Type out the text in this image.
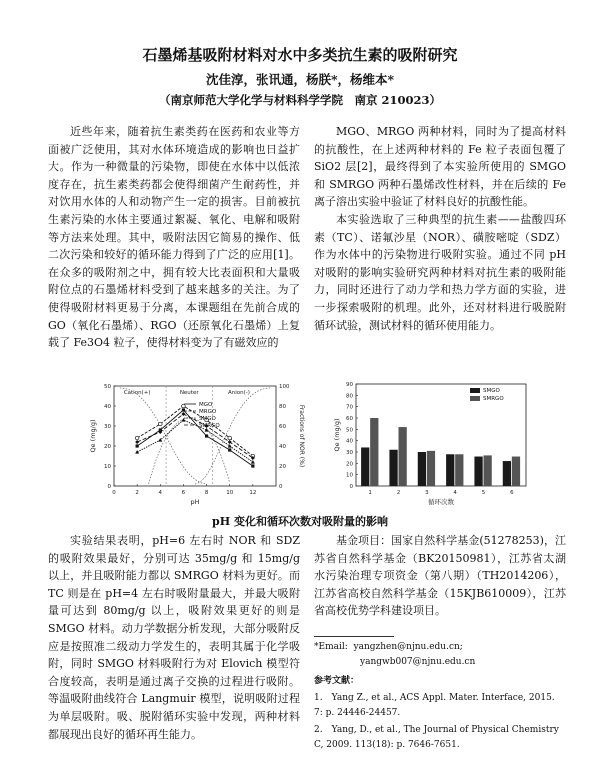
石墨烯基吸附材料对水中多类抗生素的吸附研究
沈佳淳，张讯通，杨朕*，杨维本*
（南京师范大学化学与材料科学学院　南京 210023）

近些年来，随着抗生素类药在医药和农业等方面被广泛使用，其对水体环境造成的影响也日益扩大。作为一种微量的污染物，即使在水体中以低浓度存在，抗生素类药都会使得细菌产生耐药性，并对饮用水体的人和动物产生一定的损害。目前被抗生素污染的水体主要通过絮凝、氧化、电解和吸附等方法来处理。其中，吸附法因它简易的操作、低二次污染和较好的循环能力得到了广泛的应用[1]。在众多的吸附剂之中，拥有较大比表面积和大量吸附位点的石墨烯材料受到了越来越多的关注。为了使得吸附材料更易于分离，本课题组在先前合成的 GO（氧化石墨烯）、RGO（还原氧化石墨烯）上复载了 Fe3O4 粒子，使得材料变为了有磁效应的

MGO、MRGO 两种材料，同时为了提高材料的抗酸性，在上述两种材料的 Fe 粒子表面包覆了 SiO2 层[2]，最终得到了本实验所使用的 SMGO 和 SMRGO 两种石墨烯改性材料，并在后续的 Fe 离子溶出实验中验证了材料良好的抗酸性能。

本实验选取了三种典型的抗生素——盐酸四环素（TC）、诺氟沙星（NOR）、磺胺嘧啶（SDZ）作为水体中的污染物进行吸附实验。通过不同 pH 对吸附的影响实验研究两种材料对抗生素的吸附能力，同时还进行了动力学和热力学方面的实验，进一步探索吸附的机理。此外，还对材料进行吸脱附循环试验，测试材料的循环使用能力。

Cation(+)	Neuter	Anion(-)
0	2	4	6	8	10	12
0
10
20
30
40
50
0
20
40
60
80
100
pH
Qe (mg/g)	Fractions of NOR (%)
MGO
MRGO
SMGO
SMRGO
0
10
20
30
40
50
60
70
80
90
1	2	3	4	5	6
循环次数
Qe (mg/g)
SMGO
SMRGO
pH 变化和循环次数对吸附量的影响

实验结果表明，pH=6 左右时 NOR 和 SDZ 的吸附效果最好，分别可达 35mg/g 和 15mg/g 以上，并且吸附能力都以 SMRGO 材料为更好。而 TC 则是在 pH=4 左右时吸附量最大，并最大吸附量可达到 80mg/g 以上，吸附效果更好的则是 SMGO 材料。动力学数据分析发现，大部分吸附反应是按照准二级动力学发生的，表明其属于化学吸附，同时 SMGO 材料吸附行为对 Elovich 模型符合度较高，表明是通过离子交换的过程进行吸附。等温吸附曲线符合 Langmuir 模型，说明吸附过程为单层吸附。吸、脱附循环实验中发现，两种材料都展现出良好的循环再生能力。

基金项目：国家自然科学基金(51278253)，江苏省自然科学基金（BK20150981），江苏省太湖水污染治理专项资金（第八期）（TH2014206），江苏省高校自然科学基金（15KJB610009），江苏省高校优势学科建设项目。

*Email: yangzhen@njnu.edu.cn;
yangwb007@njnu.edu.cn
参考文献：
1.　Yang Z., et al., ACS Appl. Mater. Interface, 2015. 7: p. 24446-24457.
2.　Yang, D., et al., The Journal of Physical Chemistry C, 2009. 113(18): p. 7646-7651.
